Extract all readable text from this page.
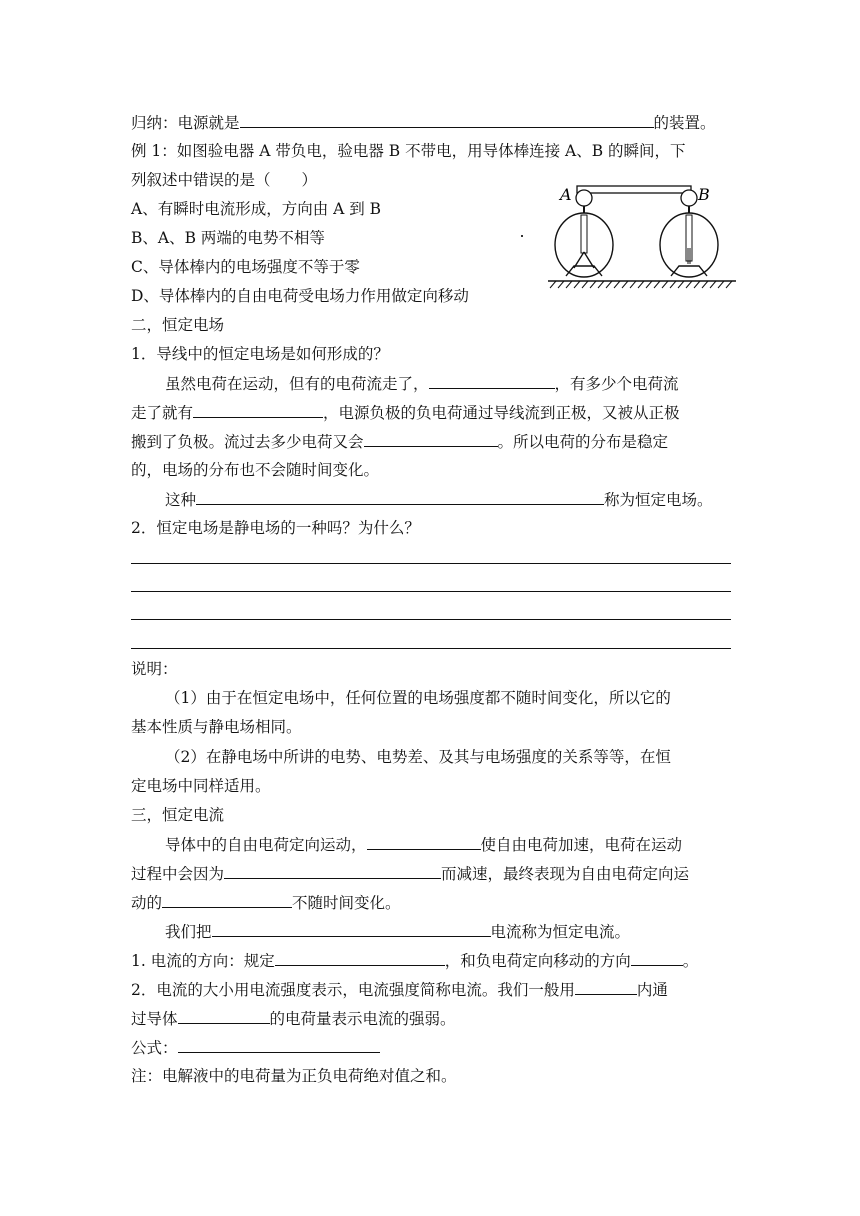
归纳：电源就是	的装置。
例 1：如图验电器 A 带负电，验电器 B 不带电，用导体棒连接 A、B 的瞬间，下
列叙述中错误的是（　　）
A、有瞬时电流形成，方向由 A 到 B
B、A、B 两端的电势不相等
C、导体棒内的电场强度不等于零
D、导体棒内的自由电荷受电场力作用做定向移动
A	B
二，恒定电场
1．导线中的恒定电场是如何形成的？
虽然电荷在运动，但有的电荷流走了，	，有多少个电荷流
走了就有	，电源负极的负电荷通过导线流到正极，又被从正极
搬到了负极。流过去多少电荷又会	。所以电荷的分布是稳定
的，电场的分布也不会随时间变化。
这种	称为恒定电场。
2．恒定电场是静电场的一种吗？为什么？
说明：
（1）由于在恒定电场中，任何位置的电场强度都不随时间变化，所以它的
基本性质与静电场相同。
（2）在静电场中所讲的电势、电势差、及其与电场强度的关系等等，在恒
定电场中同样适用。
三，恒定电流
导体中的自由电荷定向运动，	使自由电荷加速，电荷在运动
过程中会因为	而减速，最终表现为自由电荷定向运
动的	不随时间变化。
我们把	电流称为恒定电流。
1. 电流的方向：规定	，和负电荷定向移动的方向	。
2．电流的大小用电流强度表示，电流强度简称电流。我们一般用	内通
过导体	的电荷量表示电流的强弱。
公式：
注：电解液中的电荷量为正负电荷绝对值之和。
